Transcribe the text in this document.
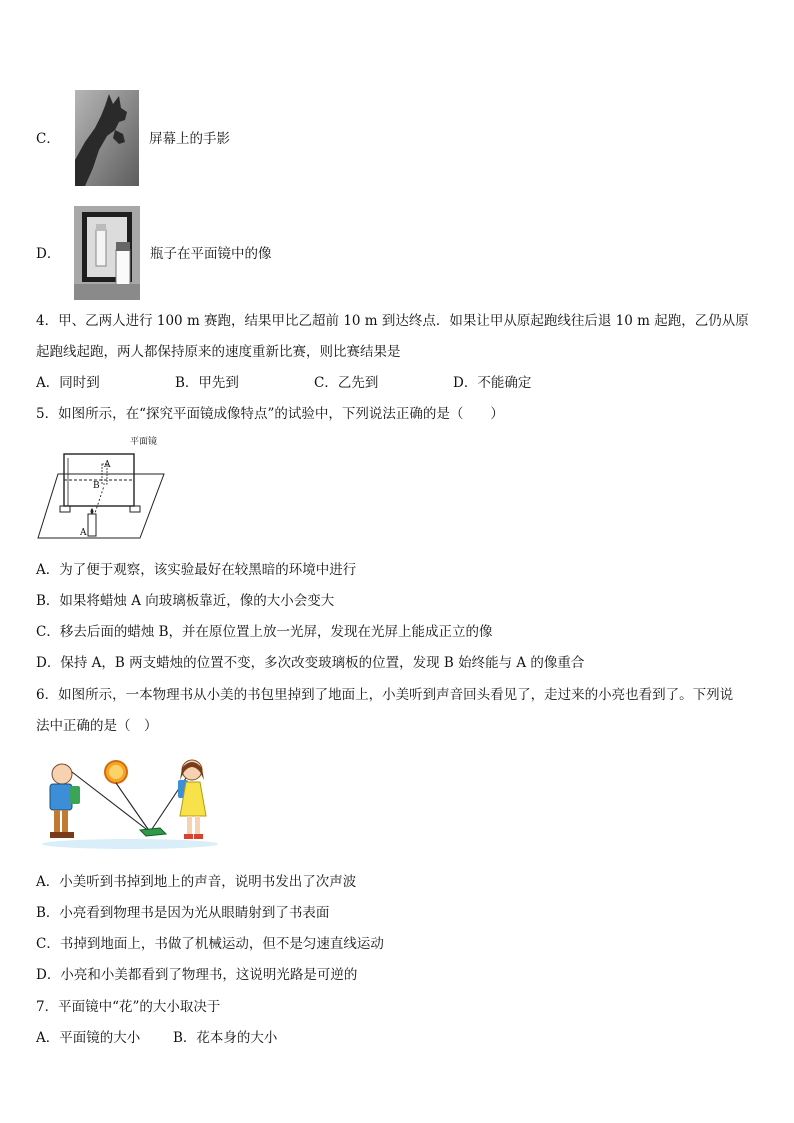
C．	屏幕上的手影
D．	瓶子在平面镜中的像
4．甲、乙两人进行 100 m 赛跑，结果甲比乙超前 10 m 到达终点．如果让甲从原起跑线往后退 10 m 起跑，乙仍从原
起跑线起跑，两人都保持原来的速度重新比赛，则比赛结果是
A．同时到	B．甲先到	C．乙先到	D．不能确定
5．如图所示，在“探究平面镜成像特点”的试验中，下列说法正确的是（　　）
平面镜
A
B
A
A．为了便于观察，该实验最好在较黑暗的环境中进行
B．如果将蜡烛 A 向玻璃板靠近，像的大小会变大
C．移去后面的蜡烛 B，并在原位置上放一光屏，发现在光屏上能成正立的像
D．保持 A，B 两支蜡烛的位置不变，多次改变玻璃板的位置，发现 B 始终能与 A 的像重合
6．如图所示，一本物理书从小美的书包里掉到了地面上，小美听到声音回头看见了，走过来的小亮也看到了。下列说
法中正确的是（　）
A．小美听到书掉到地上的声音，说明书发出了次声波
B．小亮看到物理书是因为光从眼睛射到了书表面
C．书掉到地面上，书做了机械运动，但不是匀速直线运动
D．小亮和小美都看到了物理书，这说明光路是可逆的
7．平面镜中“花”的大小取决于
A．平面镜的大小 B．花本身的大小
